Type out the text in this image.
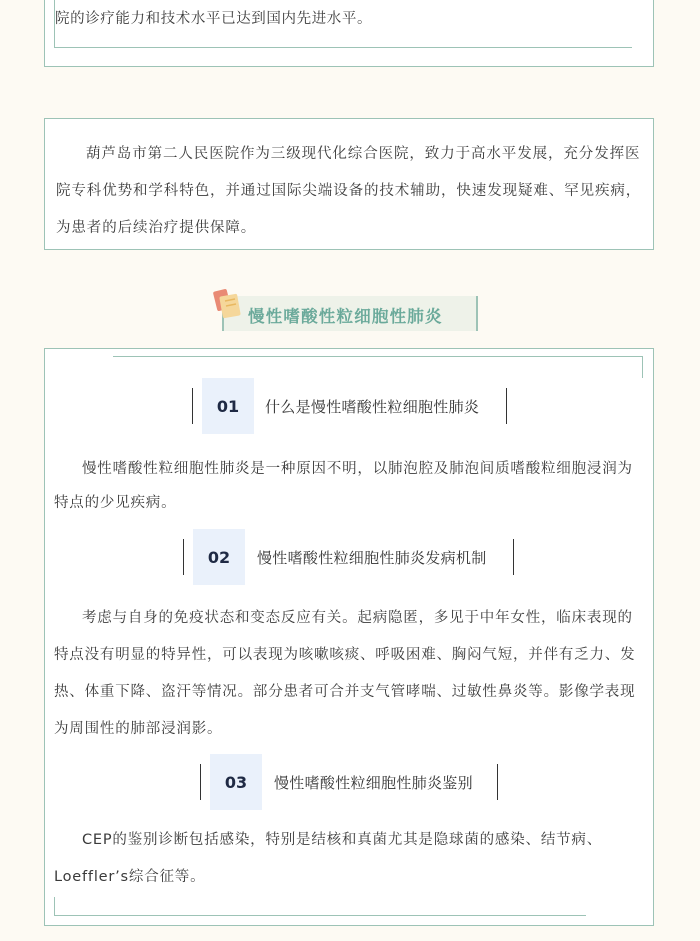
院的诊疗能力和技术水平已达到国内先进水平。
葫芦岛市第二人民医院作为三级现代化综合医院，致力于高水平发展，充分发挥医院专科优势和学科特色，并通过国际尖端设备的技术辅助，快速发现疑难、罕见疾病，为患者的后续治疗提供保障。
慢性嗜酸性粒细胞性肺炎
01	什么是慢性嗜酸性粒细胞性肺炎
慢性嗜酸性粒细胞性肺炎是一种原因不明，以肺泡腔及肺泡间质嗜酸粒细胞浸润为特点的少见疾病。
02	慢性嗜酸性粒细胞性肺炎发病机制
考虑与自身的免疫状态和变态反应有关。起病隐匿，多见于中年女性，临床表现的特点没有明显的特异性，可以表现为咳嗽咳痰、呼吸困难、胸闷气短，并伴有乏力、发热、体重下降、盗汗等情况。部分患者可合并支气管哮喘、过敏性鼻炎等。影像学表现为周围性的肺部浸润影。
03	慢性嗜酸性粒细胞性肺炎鉴别
CEP的鉴别诊断包括感染，特别是结核和真菌尤其是隐球菌的感染、结节病、Loeffler’s综合征等。
